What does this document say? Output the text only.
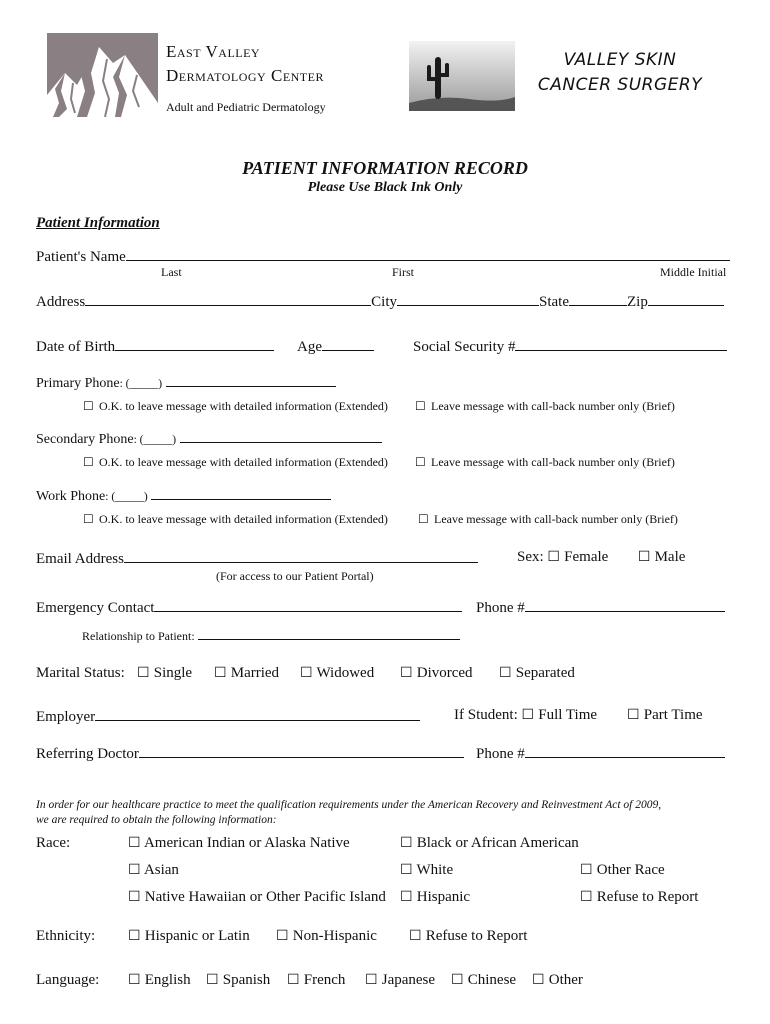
East Valley
Dermatology Center
Adult and Pediatric Dermatology
VALLEY SKIN
CANCER SURGERY
PATIENT INFORMATION RECORD
Please Use Black Ink Only
Patient Information
Patient's Name
Last	First	Middle Initial
Address	City	State	Zip
Date of Birth	Age	Social Security #
Primary Phone: (_____)
☐ O.K. to leave message with detailed information (Extended) ☐ Leave message with call-back number only (Brief)
Secondary Phone: (_____)
☐ O.K. to leave message with detailed information (Extended) ☐ Leave message with call-back number only (Brief)
Work Phone: (_____)
☐ O.K. to leave message with detailed information (Extended)	☐ Leave message with call-back number only (Brief)
Email Address
(For access to our Patient Portal)
Sex: ☐ Female ☐ Male
Emergency Contact	Phone #
Relationship to Patient:
Marital Status: ☐ Single ☐ Married ☐ Widowed ☐ Divorced ☐ Separated
Employer	If Student: ☐ Full Time ☐ Part Time
Referring Doctor	Phone #
In order for our healthcare practice to meet the qualification requirements under the American Recovery and Reinvestment Act of 2009,
we are required to obtain the following information:
Race:	☐ American Indian or Alaska Native	☐ Black or African American
☐ Asian	☐ White	☐ Other Race
☐ Native Hawaiian or Other Pacific Island ☐ Hispanic	☐ Refuse to Report
Ethnicity: ☐ Hispanic or Latin ☐ Non-Hispanic ☐ Refuse to Report
Language: ☐ English ☐ Spanish ☐ French ☐ Japanese ☐ Chinese ☐ Other
